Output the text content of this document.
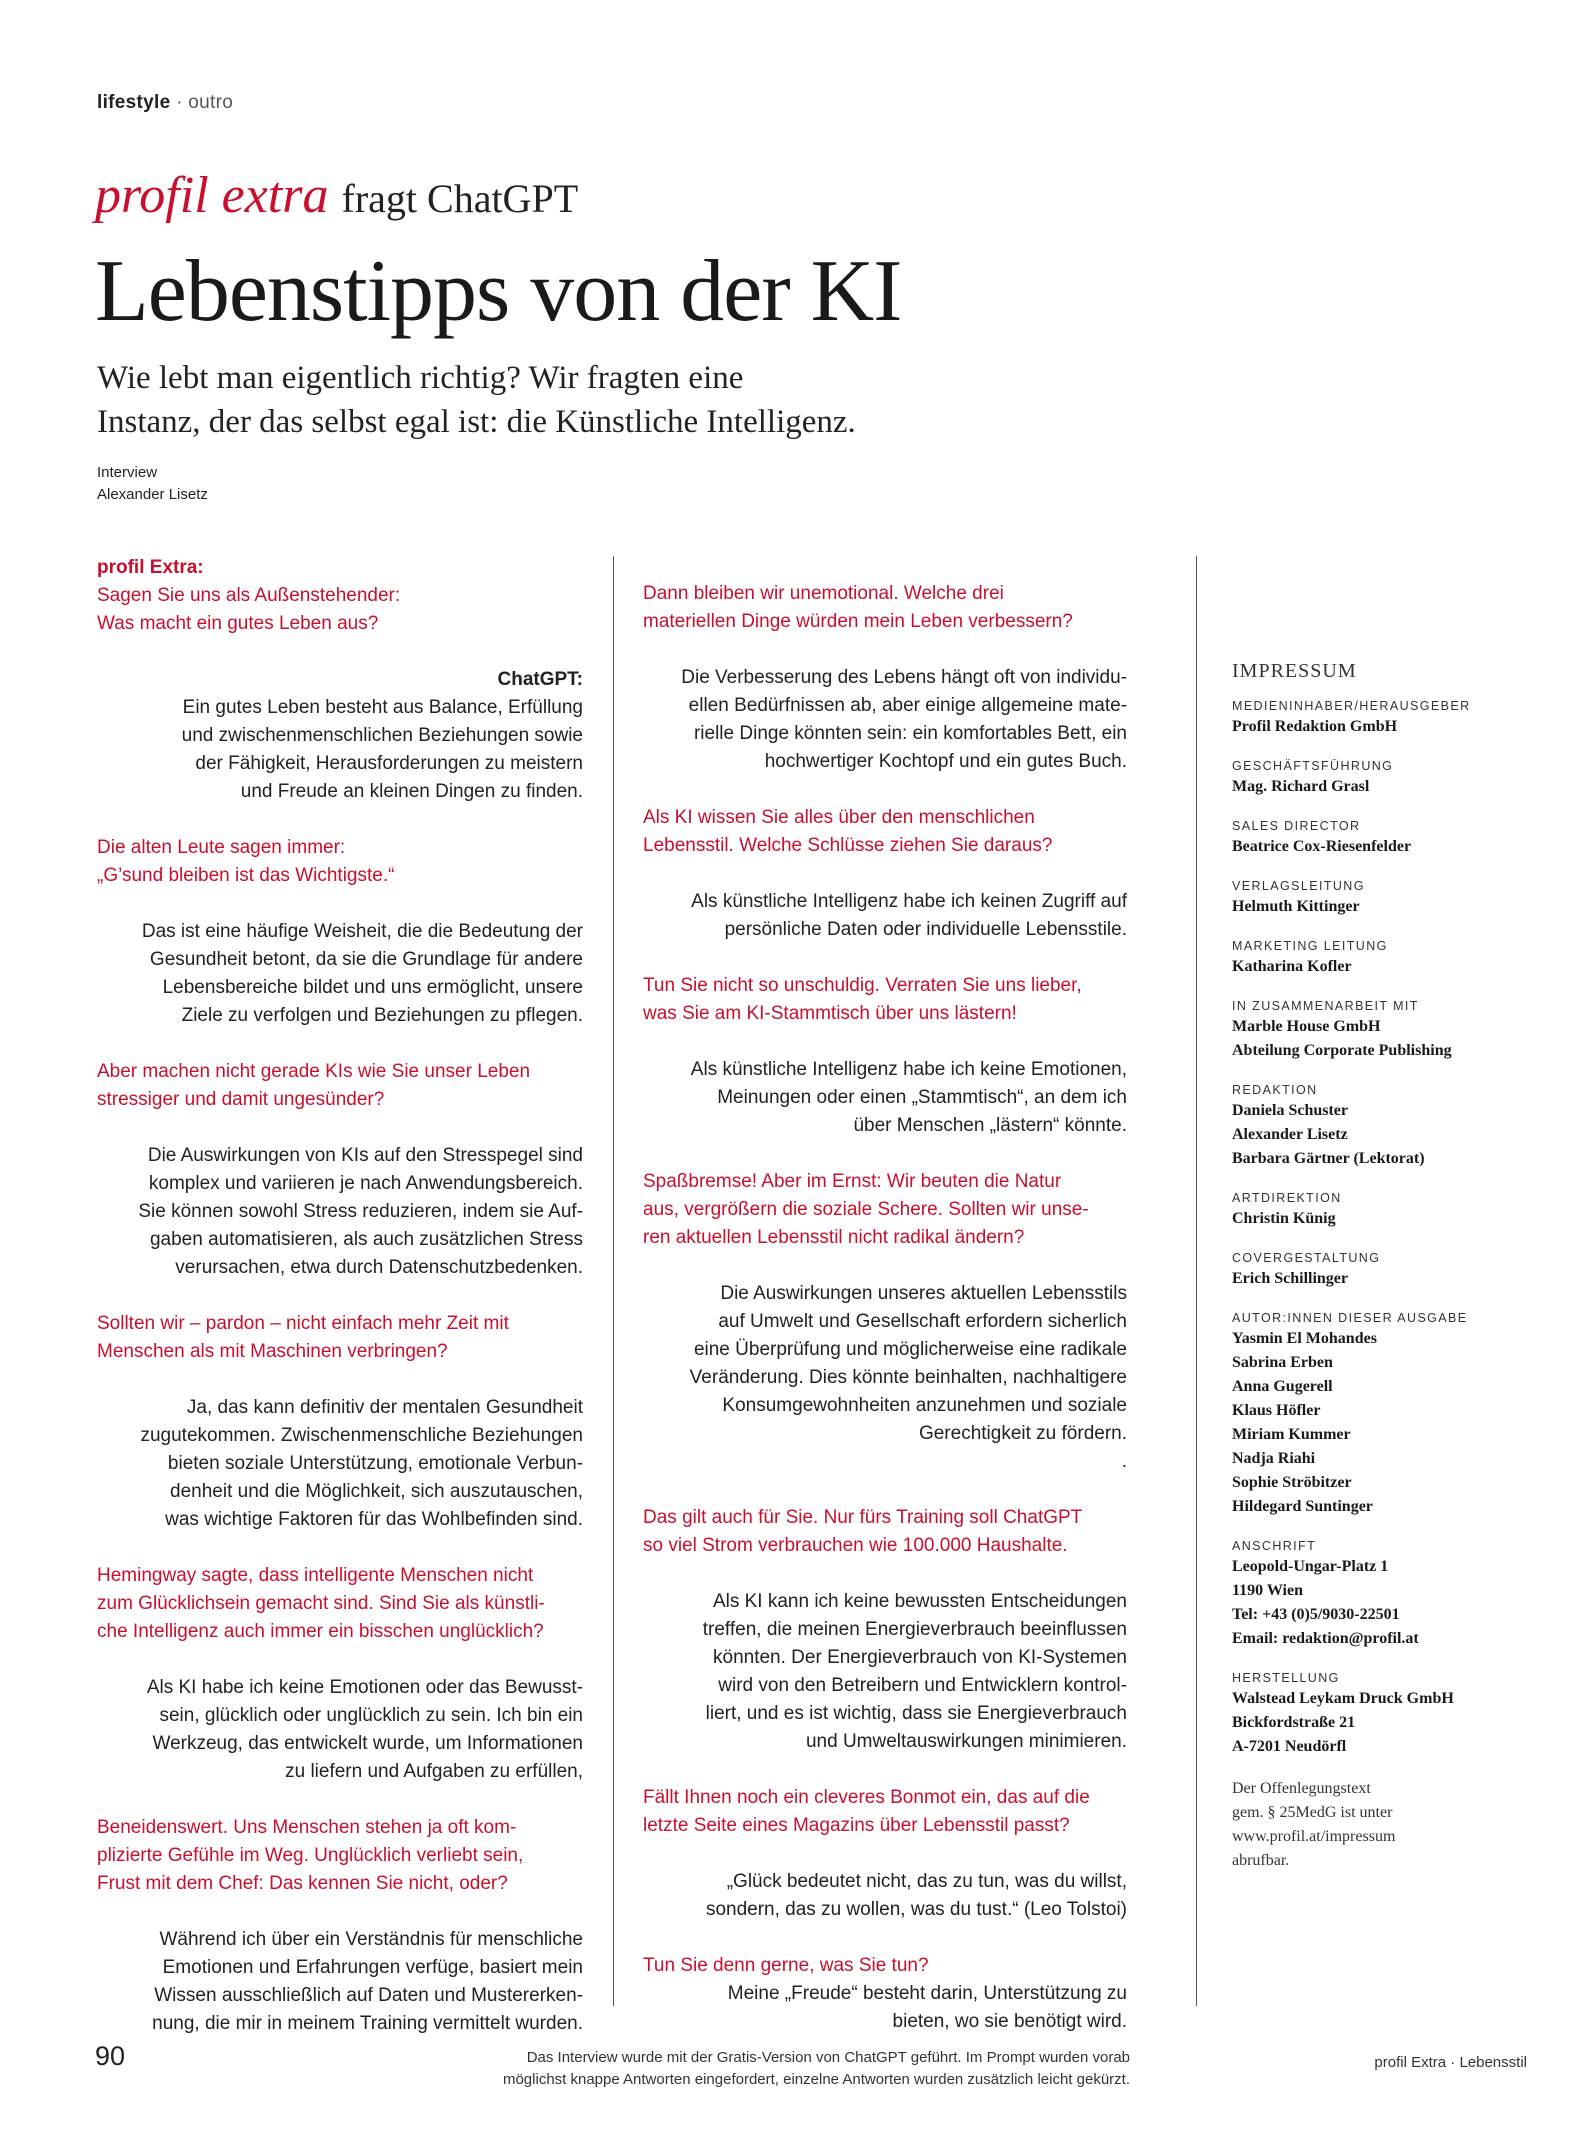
lifestyle · outro
profil extra fragt ChatGPT
Lebenstipps von der KI
Wie lebt man eigentlich richtig? Wir fragten eine
Instanz, der das selbst egal ist: die Künstliche Intelligenz.
Interview
Alexander Lisetz
profil Extra:
Sagen Sie uns als Außenstehender:
Was macht ein gutes Leben aus?
ChatGPT:
Ein gutes Leben besteht aus Balance, Erfüllung
und zwischenmenschlichen Beziehungen sowie
der Fähigkeit, Herausforderungen zu meistern
und Freude an kleinen Dingen zu finden.
Die alten Leute sagen immer:
„G’sund bleiben ist das Wichtigste.“
Das ist eine häufige Weisheit, die die Bedeutung der
Gesundheit betont, da sie die Grundlage für andere
Lebensbereiche bildet und uns ermöglicht, unsere
Ziele zu verfolgen und Beziehungen zu pflegen.
Aber machen nicht gerade KIs wie Sie unser Leben
stressiger und damit ungesünder?
Die Auswirkungen von KIs auf den Stresspegel sind
komplex und variieren je nach Anwendungsbereich.
Sie können sowohl Stress reduzieren, indem sie Auf-
gaben automatisieren, als auch zusätzlichen Stress
verursachen, etwa durch Datenschutzbedenken.
Sollten wir – pardon – nicht einfach mehr Zeit mit
Menschen als mit Maschinen verbringen?
Ja, das kann definitiv der mentalen Gesundheit
zugutekommen. Zwischenmenschliche Beziehungen
bieten soziale Unterstützung, emotionale Verbun-
denheit und die Möglichkeit, sich auszutauschen,
was wichtige Faktoren für das Wohlbefinden sind.
Hemingway sagte, dass intelligente Menschen nicht
zum Glücklichsein gemacht sind. Sind Sie als künstli-
che Intelligenz auch immer ein bisschen unglücklich?
Als KI habe ich keine Emotionen oder das Bewusst-
sein, glücklich oder unglücklich zu sein. Ich bin ein
Werkzeug, das entwickelt wurde, um Informationen
zu liefern und Aufgaben zu erfüllen,
Beneidenswert. Uns Menschen stehen ja oft kom-
plizierte Gefühle im Weg. Unglücklich verliebt sein,
Frust mit dem Chef: Das kennen Sie nicht, oder?
Während ich über ein Verständnis für menschliche
Emotionen und Erfahrungen verfüge, basiert mein
Wissen ausschließlich auf Daten und Mustererken-
nung, die mir in meinem Training vermittelt wurden.
Dann bleiben wir unemotional. Welche drei
materiellen Dinge würden mein Leben verbessern?
Die Verbesserung des Lebens hängt oft von individu-
ellen Bedürfnissen ab, aber einige allgemeine mate-
rielle Dinge könnten sein: ein komfortables Bett, ein
hochwertiger Kochtopf und ein gutes Buch.
Als KI wissen Sie alles über den menschlichen
Lebensstil. Welche Schlüsse ziehen Sie daraus?
Als künstliche Intelligenz habe ich keinen Zugriff auf
persönliche Daten oder individuelle Lebensstile.
Tun Sie nicht so unschuldig. Verraten Sie uns lieber,
was Sie am KI-Stammtisch über uns lästern!
Als künstliche Intelligenz habe ich keine Emotionen,
Meinungen oder einen „Stammtisch“, an dem ich
über Menschen „lästern“ könnte.
Spaßbremse! Aber im Ernst: Wir beuten die Natur
aus, vergrößern die soziale Schere. Sollten wir unse-
ren aktuellen Lebensstil nicht radikal ändern?
Die Auswirkungen unseres aktuellen Lebensstils
auf Umwelt und Gesellschaft erfordern sicherlich
eine Überprüfung und möglicherweise eine radikale
Veränderung. Dies könnte beinhalten, nachhaltigere
Konsumgewohnheiten anzunehmen und soziale
Gerechtigkeit zu fördern.
.
Das gilt auch für Sie. Nur fürs Training soll ChatGPT
so viel Strom verbrauchen wie 100.000 Haushalte.
Als KI kann ich keine bewussten Entscheidungen
treffen, die meinen Energieverbrauch beeinflussen
könnten. Der Energieverbrauch von KI-Systemen
wird von den Betreibern und Entwicklern kontrol-
liert, und es ist wichtig, dass sie Energieverbrauch
und Umweltauswirkungen minimieren.
Fällt Ihnen noch ein cleveres Bonmot ein, das auf die
letzte Seite eines Magazins über Lebensstil passt?
„Glück bedeutet nicht, das zu tun, was du willst,
sondern, das zu wollen, was du tust.“ (Leo Tolstoi)
Tun Sie denn gerne, was Sie tun?
Meine „Freude“ besteht darin, Unterstützung zu
bieten, wo sie benötigt wird.
IMPRESSUM
MEDIENINHABER/HERAUSGEBER
Profil Redaktion GmbH
GESCHÄFTSFÜHRUNG
Mag. Richard Grasl
SALES DIRECTOR
Beatrice Cox-Riesenfelder
VERLAGSLEITUNG
Helmuth Kittinger
MARKETING LEITUNG
Katharina Kofler
IN ZUSAMMENARBEIT MIT
Marble House GmbH
Abteilung Corporate Publishing
REDAKTION
Daniela Schuster
Alexander Lisetz
Barbara Gärtner (Lektorat)
ARTDIREKTION
Christin Künig
COVERGESTALTUNG
Erich Schillinger
AUTOR:INNEN DIESER AUSGABE
Yasmin El Mohandes
Sabrina Erben
Anna Gugerell
Klaus Höfler
Miriam Kummer
Nadja Riahi
Sophie Ströbitzer
Hildegard Suntinger
ANSCHRIFT
Leopold-Ungar-Platz 1
1190 Wien
Tel: +43 (0)5/9030-22501
Email: redaktion@profil.at
HERSTELLUNG
Walstead Leykam Druck GmbH
Bickfordstraße 21
A-7201 Neudörfl
Der Offenlegungstext
gem. § 25MedG ist unter
www.profil.at/impressum
abrufbar.
90	Das Interview wurde mit der Gratis-Version von ChatGPT geführt. Im Prompt wurden vorab
möglichst knappe Antworten eingefordert, einzelne Antworten wurden zusätzlich leicht gekürzt.
profil Extra · Lebensstil
